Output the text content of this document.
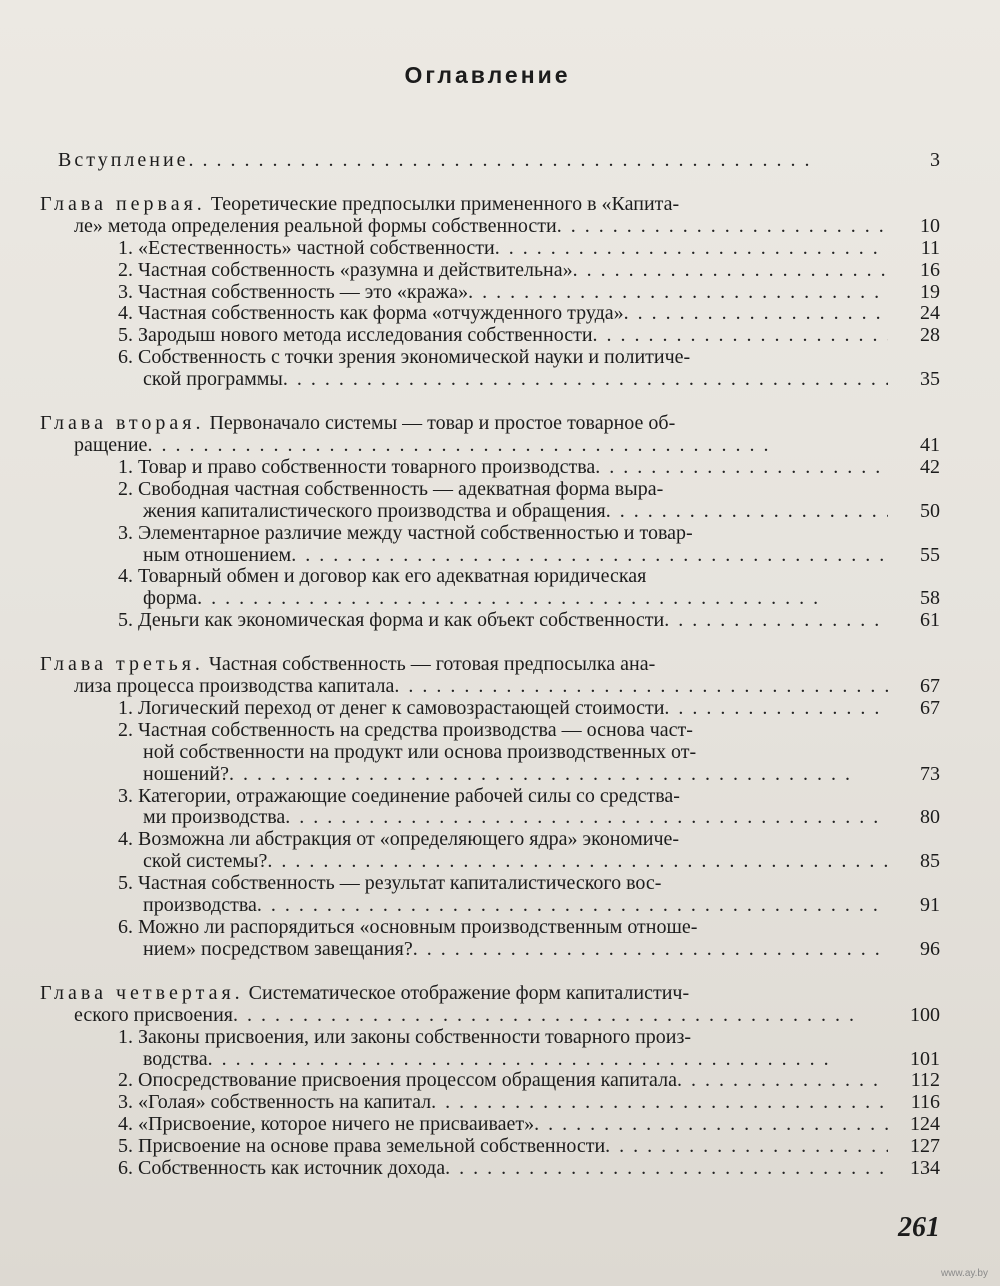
Оглавление
Вступление . .	3
Глава первая. Теоретические предпосылки примененного в «Капита-
ле» метода определения реальной формы собственности . .	10
1. «Естественность» частной собственности . .	11
2. Частная собственность «разумна и действительна» . .	16
3. Частная собственность — это «кража» . .	19
4. Частная собственность как форма «отчужденного труда» . .	24
5. Зародыш нового метода исследования собственности . .	28
6. Собственность с точки зрения экономической науки и политиче-
ской программы . .	35
Глава вторая. Первоначало системы — товар и простое товарное об-
ращение . .	41
1. Товар и право собственности товарного производства . .	42
2. Свободная частная собственность — адекватная форма выра-
жения капиталистического производства и обращения . .	50
3. Элементарное различие между частной собственностью и товар-
ным отношением . .	55
4. Товарный обмен и договор как его адекватная юридическая
форма . .	58
5. Деньги как экономическая форма и как объект собственности . .	61
Глава третья. Частная собственность — готовая предпосылка ана-
лиза процесса производства капитала . .	67
1. Логический переход от денег к самовозрастающей стоимости . .	67
2. Частная собственность на средства производства — основа част-
ной собственности на продукт или основа производственных от-
ношений? . .	73
3. Категории, отражающие соединение рабочей силы со средства-
ми производства . .	80
4. Возможна ли абстракция от «определяющего ядра» экономиче-
ской системы? . .	85
5. Частная собственность — результат капиталистического вос-
производства . .	91
6. Можно ли распорядиться «основным производственным отноше-
нием» посредством завещания? . .	96
Глава четвертая. Систематическое отображение форм капиталистич-
еского присвоения . .	100
1. Законы присвоения, или законы собственности товарного произ-
водства . .	101
2. Опосредствование присвоения процессом обращения капитала . .	112
3. «Голая» собственность на капитал . .	116
4. «Присвоение, которое ничего не присваивает» . .	124
5. Присвоение на основе права земельной собственности . .	127
6. Собственность как источник дохода . .	134
261
www.ay.by
